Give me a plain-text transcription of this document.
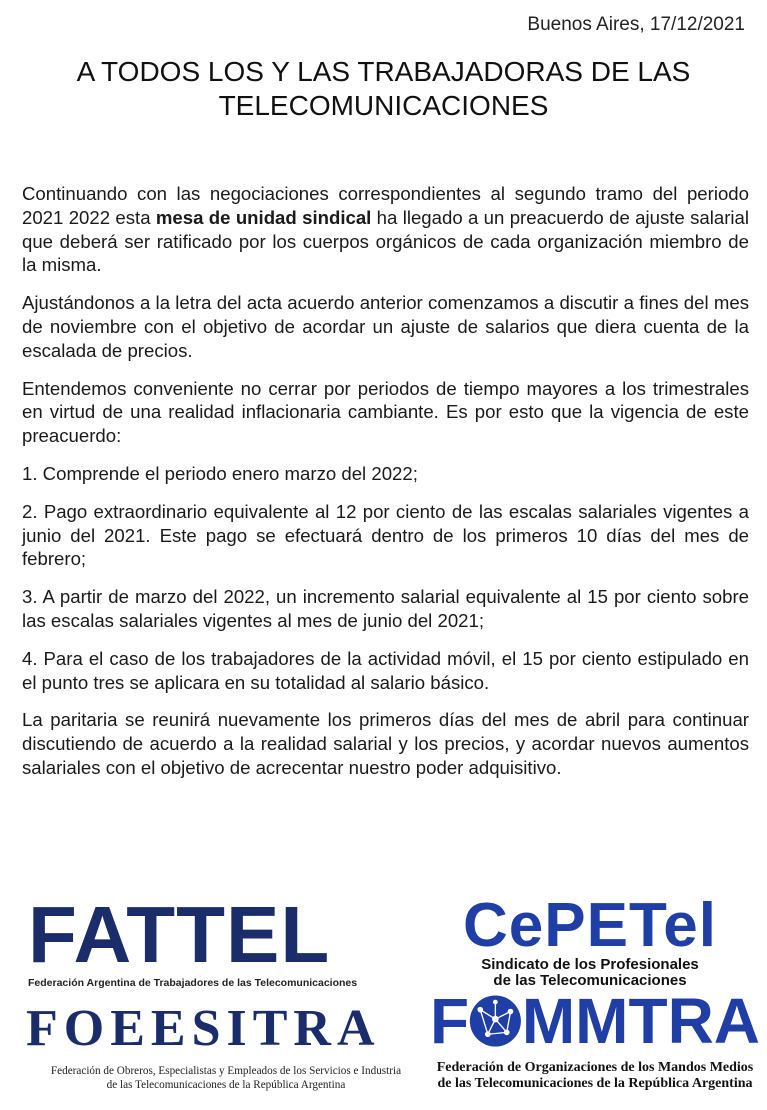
Buenos Aires, 17/12/2021
A TODOS LOS Y LAS TRABAJADORAS DE LAS
TELECOMUNICACIONES

Continuando con las negociaciones correspondientes al segundo tramo del periodo 2021 2022 esta mesa de unidad sindical ha llegado a un preacuerdo de ajuste salarial que deberá ser ratificado por los cuerpos orgánicos de cada organización miembro de la misma.

Ajustándonos a la letra del acta acuerdo anterior comenzamos a discutir a fines del mes de noviembre con el objetivo de acordar un ajuste de salarios que diera cuenta de la escalada de precios.

Entendemos conveniente no cerrar por periodos de tiempo mayores a los trimestrales en virtud de una realidad inflacionaria cambiante. Es por esto que la vigencia de este preacuerdo:

1. Comprende el periodo enero marzo del 2022;

2. Pago extraordinario equivalente al 12 por ciento de las escalas salariales vigentes a junio del 2021. Este pago se efectuará dentro de los primeros 10 días del mes de febrero;

3. A partir de marzo del 2022, un incremento salarial equivalente al 15 por ciento sobre las escalas salariales vigentes al mes de junio del 2021;

4. Para el caso de los trabajadores de la actividad móvil, el 15 por ciento estipulado en el punto tres se aplicara en su totalidad al salario básico.

La paritaria se reunirá nuevamente los primeros días del mes de abril para continuar discutiendo de acuerdo a la realidad salarial y los precios, y acordar nuevos aumentos salariales con el objetivo de acrecentar nuestro poder adquisitivo.

FATTEL
Federación Argentina de Trabajadores de las Telecomunicaciones
CePETel
Sindicato de los Profesionales
de las Telecomunicaciones
FOEESITRA
Federación de Obreros, Especialistas y Empleados de los Servicios e Industria
de las Telecomunicaciones de la República Argentina
F MMTRA
Federación de Organizaciones de los Mandos Medios
de las Telecomunicaciones de la República Argentina
